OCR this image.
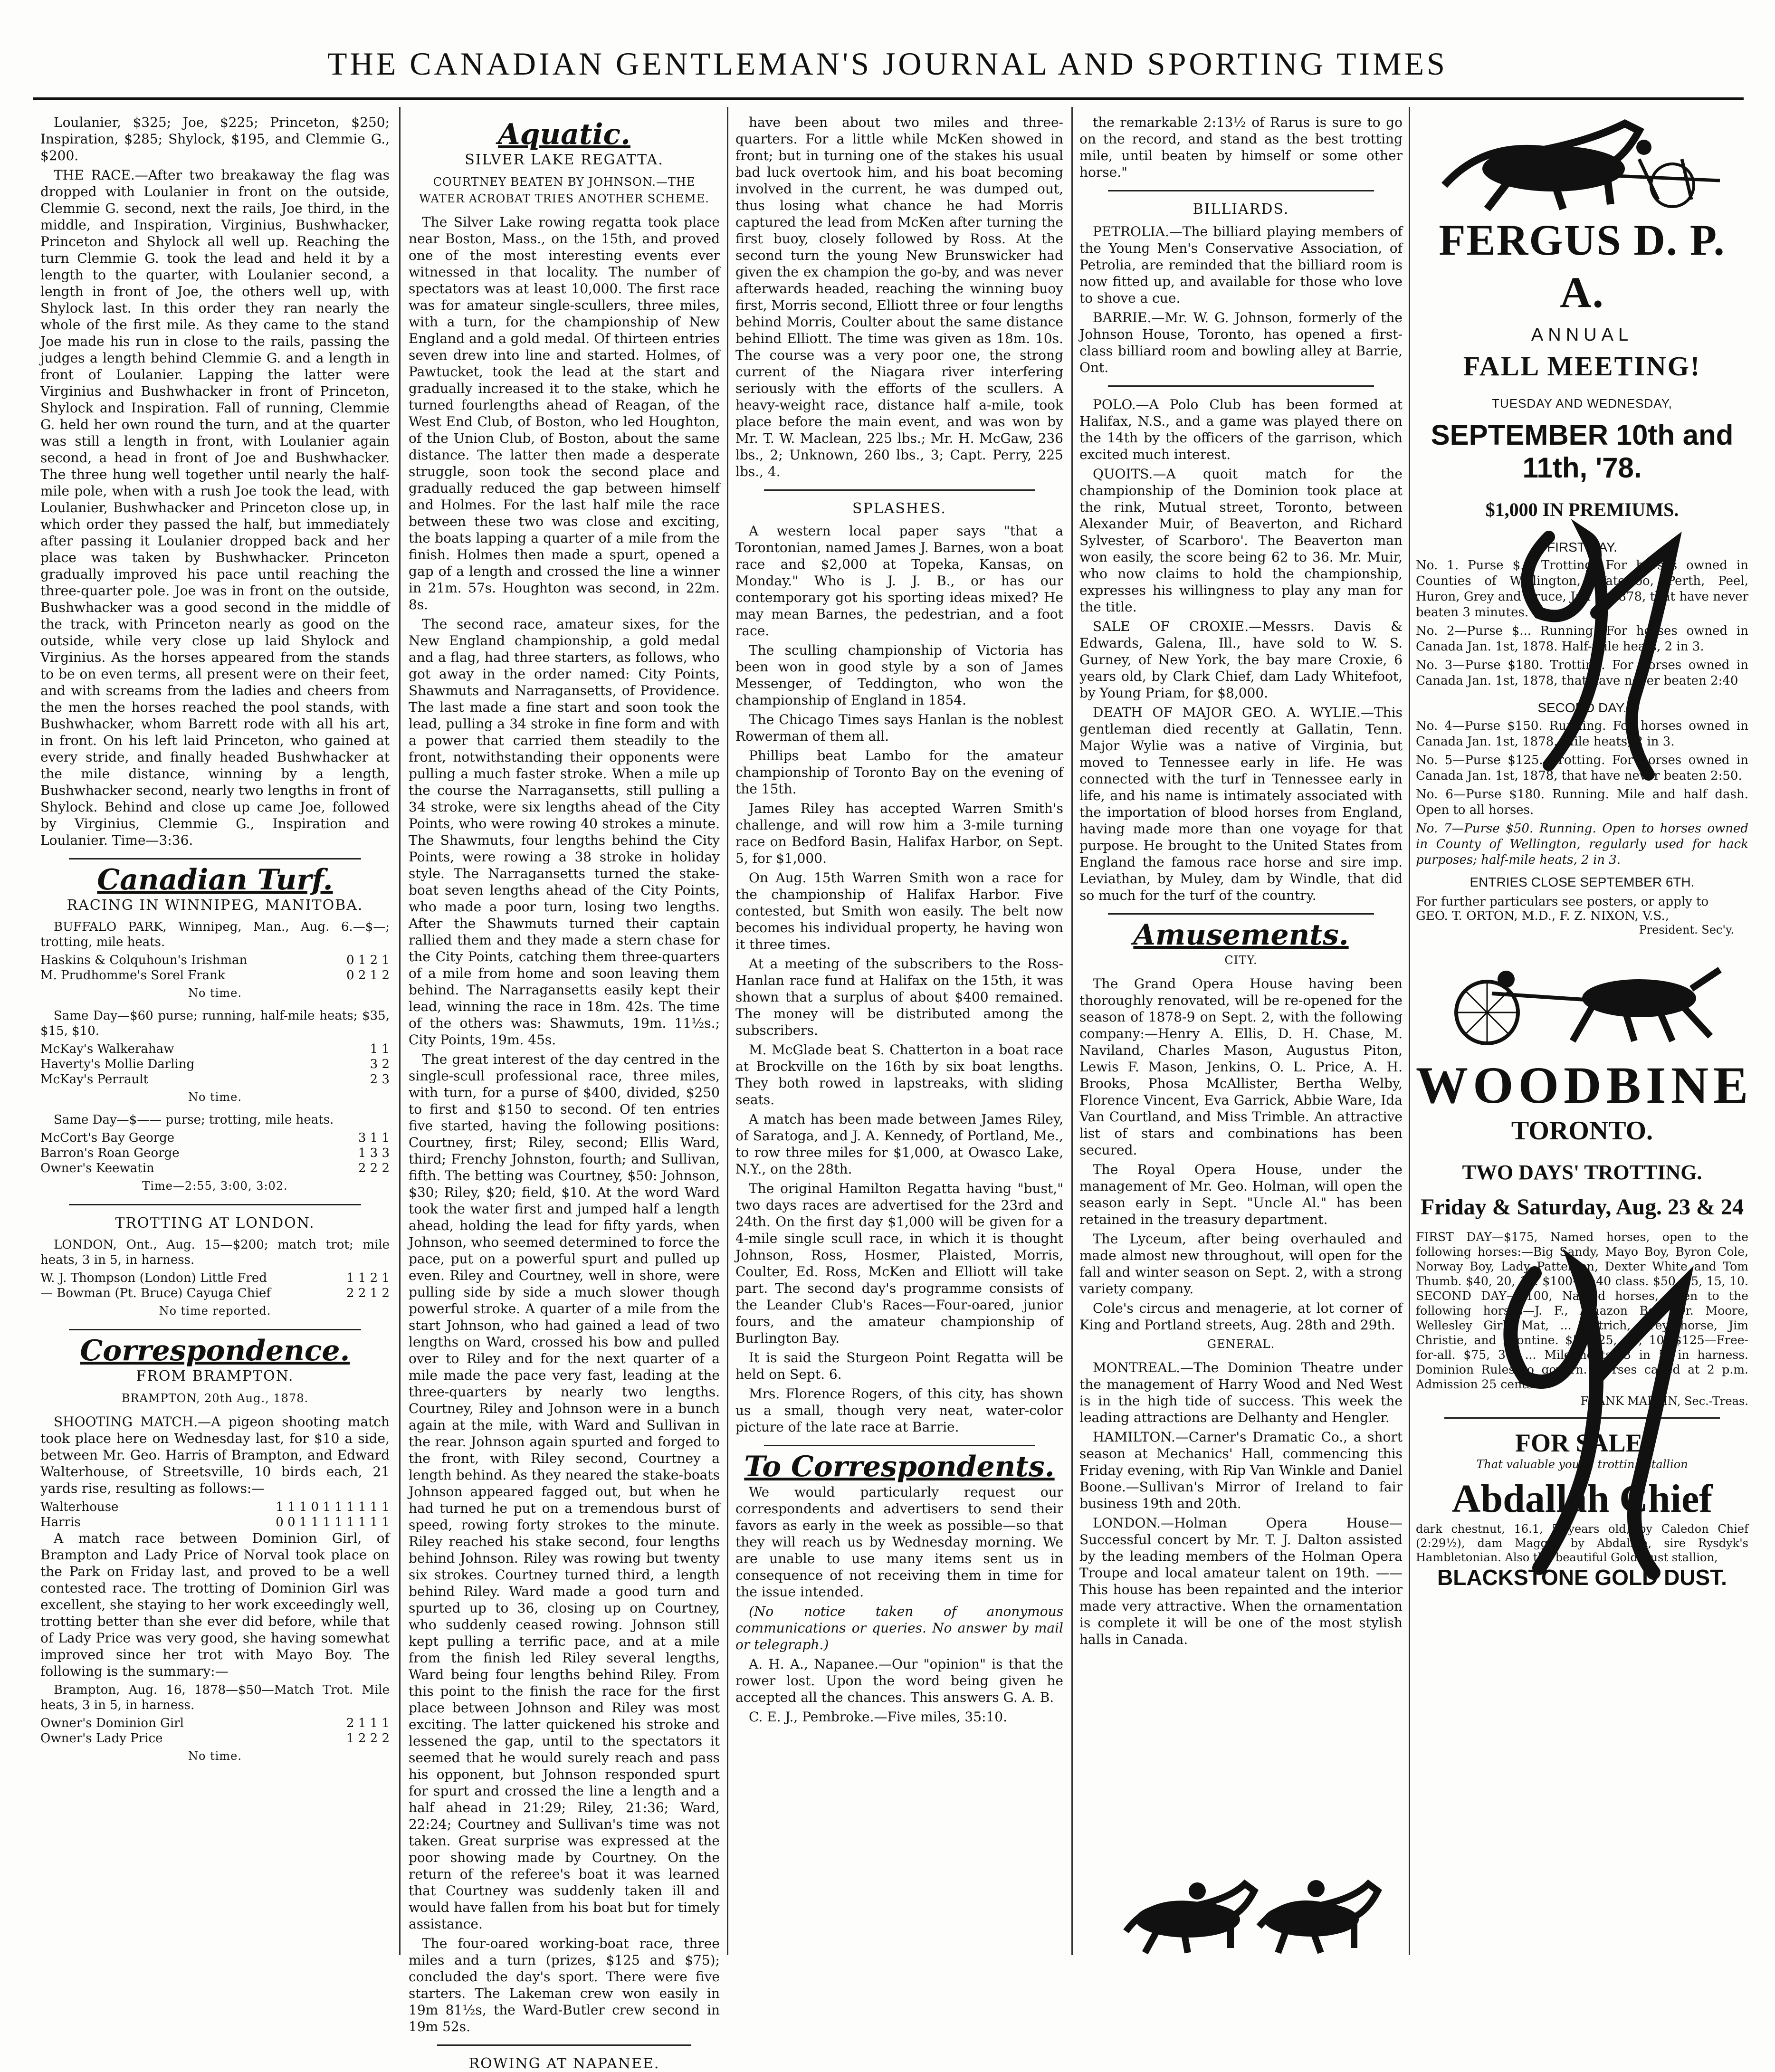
THE CANADIAN GENTLEMAN'S JOURNAL AND SPORTING TIMES

Loulanier, $325; Joe, $225; Princeton, $250; Inspiration, $285; Shylock, $195, and Clemmie G., $200.

THE RACE.—After two breakaway the flag was dropped with Loulanier in front on the outside, Clemmie G. second, next the rails, Joe third, in the middle, and Inspiration, Virginius, Bushwhacker, Princeton and Shylock all well up. Reaching the turn Clemmie G. took the lead and held it by a length to the quarter, with Loulanier second, a length in front of Joe, the others well up, with Shylock last. In this order they ran nearly the whole of the first mile. As they came to the stand Joe made his run in close to the rails, passing the judges a length behind Clemmie G. and a length in front of Loulanier. Lapping the latter were Virginius and Bushwhacker in front of Princeton, Shylock and Inspiration. Fall of running, Clemmie G. held her own round the turn, and at the quarter was still a length in front, with Loulanier again second, a head in front of Joe and Bushwhacker. The three hung well together until nearly the half-mile pole, when with a rush Joe took the lead, with Loulanier, Bushwhacker and Princeton close up, in which order they passed the half, but immediately after passing it Loulanier dropped back and her place was taken by Bushwhacker. Princeton gradually improved his pace until reaching the three-quarter pole. Joe was in front on the outside, Bushwhacker was a good second in the middle of the track, with Princeton nearly as good on the outside, while very close up laid Shylock and Virginius. As the horses appeared from the stands to be on even terms, all present were on their feet, and with screams from the ladies and cheers from the men the horses reached the pool stands, with Bushwhacker, whom Barrett rode with all his art, in front. On his left laid Princeton, who gained at every stride, and finally headed Bushwhacker at the mile distance, winning by a length, Bushwhacker second, nearly two lengths in front of Shylock. Behind and close up came Joe, followed by Virginius, Clemmie G., Inspiration and Loulanier. Time—3:36.

Canadian Turf.
RACING IN WINNIPEG, MANITOBA.

BUFFALO PARK, Winnipeg, Man., Aug. 6.—$—; trotting, mile heats.

Haskins & Colquhoun's Irishman	0 1 2 1
M. Prudhomme's Sorel Frank	0 2 1 2
No time.

Same Day—$60 purse; running, half-mile heats; $35, $15, $10.

McKay's Walkerahaw	1 1
Haverty's Mollie Darling	3 2
McKay's Perrault	2 3
No time.

Same Day—$—— purse; trotting, mile heats.

McCort's Bay George	3 1 1
Barron's Roan George	1 3 3
Owner's Keewatin	2 2 2
Time—2:55, 3:00, 3:02.
TROTTING AT LONDON.

LONDON, Ont., Aug. 15—$200; match trot; mile heats, 3 in 5, in harness.

W. J. Thompson (London) Little Fred	1 1 2 1
— Bowman (Pt. Bruce) Cayuga Chief	2 2 1 2
No time reported.
Correspondence.
FROM BRAMPTON.
BRAMPTON, 20th Aug., 1878.

SHOOTING MATCH.—A pigeon shooting match took place here on Wednesday last, for $10 a side, between Mr. Geo. Harris of Brampton, and Edward Walterhouse, of Streetsville, 10 birds each, 21 yards rise, resulting as follows:—

Walterhouse	1 1 1 0 1 1 1 1 1 1
Harris	0 0 1 1 1 1 1 1 1 1

A match race between Dominion Girl, of Brampton and Lady Price of Norval took place on the Park on Friday last, and proved to be a well contested race. The trotting of Dominion Girl was excellent, she staying to her work exceedingly well, trotting better than she ever did before, while that of Lady Price was very good, she having somewhat improved since her trot with Mayo Boy. The following is the summary:—

Brampton, Aug. 16, 1878—$50—Match Trot. Mile heats, 3 in 5, in harness.

Owner's Dominion Girl	2 1 1 1
Owner's Lady Price	1 2 2 2
No time.
Aquatic.
SILVER LAKE REGATTA.
COURTNEY BEATEN BY JOHNSON.—THE WATER ACROBAT TRIES ANOTHER SCHEME.

The Silver Lake rowing regatta took place near Boston, Mass., on the 15th, and proved one of the most interesting events ever witnessed in that locality. The number of spectators was at least 10,000. The first race was for amateur single-scullers, three miles, with a turn, for the championship of New England and a gold medal. Of thirteen entries seven drew into line and started. Holmes, of Pawtucket, took the lead at the start and gradually increased it to the stake, which he turned fourlengths ahead of Reagan, of the West End Club, of Boston, who led Houghton, of the Union Club, of Boston, about the same distance. The latter then made a desperate struggle, soon took the second place and gradually reduced the gap between himself and Holmes. For the last half mile the race between these two was close and exciting, the boats lapping a quarter of a mile from the finish. Holmes then made a spurt, opened a gap of a length and crossed the line a winner in 21m. 57s. Houghton was second, in 22m. 8s.

The second race, amateur sixes, for the New England championship, a gold medal and a flag, had three starters, as follows, who got away in the order named: City Points, Shawmuts and Narragansetts, of Providence. The last made a fine start and soon took the lead, pulling a 34 stroke in fine form and with a power that carried them steadily to the front, notwithstanding their opponents were pulling a much faster stroke. When a mile up the course the Narragansetts, still pulling a 34 stroke, were six lengths ahead of the City Points, who were rowing 40 strokes a minute. The Shawmuts, four lengths behind the City Points, were rowing a 38 stroke in holiday style. The Narragansetts turned the stake-boat seven lengths ahead of the City Points, who made a poor turn, losing two lengths. After the Shawmuts turned their captain rallied them and they made a stern chase for the City Points, catching them three-quarters of a mile from home and soon leaving them behind. The Narragansetts easily kept their lead, winning the race in 18m. 42s. The time of the others was: Shawmuts, 19m. 11½s.; City Points, 19m. 45s.

The great interest of the day centred in the single-scull professional race, three miles, with turn, for a purse of $400, divided, $250 to first and $150 to second. Of ten entries five started, having the following positions: Courtney, first; Riley, second; Ellis Ward, third; Frenchy Johnston, fourth; and Sullivan, fifth. The betting was Courtney, $50: Johnson, $30; Riley, $20; field, $10. At the word Ward took the water first and jumped half a length ahead, holding the lead for fifty yards, when Johnson, who seemed determined to force the pace, put on a powerful spurt and pulled up even. Riley and Courtney, well in shore, were pulling side by side a much slower though powerful stroke. A quarter of a mile from the start Johnson, who had gained a lead of two lengths on Ward, crossed his bow and pulled over to Riley and for the next quarter of a mile made the pace very fast, leading at the three-quarters by nearly two lengths. Courtney, Riley and Johnson were in a bunch again at the mile, with Ward and Sullivan in the rear. Johnson again spurted and forged to the front, with Riley second, Courtney a length behind. As they neared the stake-boats Johnson appeared fagged out, but when he had turned he put on a tremendous burst of speed, rowing forty strokes to the minute. Riley reached his stake second, four lengths behind Johnson. Riley was rowing but twenty six strokes. Courtney turned third, a length behind Riley. Ward made a good turn and spurted up to 36, closing up on Courtney, who suddenly ceased rowing. Johnson still kept pulling a terrific pace, and at a mile from the finish led Riley several lengths, Ward being four lengths behind Riley. From this point to the finish the race for the first place between Johnson and Riley was most exciting. The latter quickened his stroke and lessened the gap, until to the spectators it seemed that he would surely reach and pass his opponent, but Johnson responded spurt for spurt and crossed the line a length and a half ahead in 21:29; Riley, 21:36; Ward, 22:24; Courtney and Sullivan's time was not taken. Great surprise was expressed at the poor showing made by Courtney. On the return of the referee's boat it was learned that Courtney was suddenly taken ill and would have fallen from his boat but for timely assistance.

The four-oared working-boat race, three miles and a turn (prizes, $125 and $75); concluded the day's sport. There were five starters. The Lakeman crew won easily in 19m 81½s, the Ward-Butler crew second in 19m 52s.

ROWING AT NAPANEE.

have been about two miles and three-quarters. For a little while McKen showed in front; but in turning one of the stakes his usual bad luck overtook him, and his boat becoming involved in the current, he was dumped out, thus losing what chance he had Morris captured the lead from McKen after turning the first buoy, closely followed by Ross. At the second turn the young New Brunswicker had given the ex champion the go-by, and was never afterwards headed, reaching the winning buoy first, Morris second, Elliott three or four lengths behind Morris, Coulter about the same distance behind Elliott. The time was given as 18m. 10s. The course was a very poor one, the strong current of the Niagara river interfering seriously with the efforts of the scullers. A heavy-weight race, distance half a-mile, took place before the main event, and was won by Mr. T. W. Maclean, 225 lbs.; Mr. H. McGaw, 236 lbs., 2; Unknown, 260 lbs., 3; Capt. Perry, 225 lbs., 4.

SPLASHES.

A western local paper says "that a Torontonian, named James J. Barnes, won a boat race and $2,000 at Topeka, Kansas, on Monday." Who is J. J. B., or has our contemporary got his sporting ideas mixed? He may mean Barnes, the pedestrian, and a foot race.

The sculling championship of Victoria has been won in good style by a son of James Messenger, of Teddington, who won the championship of England in 1854.

The Chicago Times says Hanlan is the noblest Rowerman of them all.

Phillips beat Lambo for the amateur championship of Toronto Bay on the evening of the 15th.

James Riley has accepted Warren Smith's challenge, and will row him a 3-mile turning race on Bedford Basin, Halifax Harbor, on Sept. 5, for $1,000.

On Aug. 15th Warren Smith won a race for the championship of Halifax Harbor. Five contested, but Smith won easily. The belt now becomes his individual property, he having won it three times.

At a meeting of the subscribers to the Ross-Hanlan race fund at Halifax on the 15th, it was shown that a surplus of about $400 remained. The money will be distributed among the subscribers.

M. McGlade beat S. Chatterton in a boat race at Brockville on the 16th by six boat lengths. They both rowed in lapstreaks, with sliding seats.

A match has been made between James Riley, of Saratoga, and J. A. Kennedy, of Portland, Me., to row three miles for $1,000, at Owasco Lake, N.Y., on the 28th.

The original Hamilton Regatta having "bust," two days races are advertised for the 23rd and 24th. On the first day $1,000 will be given for a 4-mile single scull race, in which it is thought Johnson, Ross, Hosmer, Plaisted, Morris, Coulter, Ed. Ross, McKen and Elliott will take part. The second day's programme consists of the Leander Club's Races—Four-oared, junior fours, and the amateur championship of Burlington Bay.

It is said the Sturgeon Point Regatta will be held on Sept. 6.

Mrs. Florence Rogers, of this city, has shown us a small, though very neat, water-color picture of the late race at Barrie.

To Correspondents.

We would particularly request our correspondents and advertisers to send their favors as early in the week as possible—so that they will reach us by Wednesday morning. We are unable to use many items sent us in consequence of not receiving them in time for the issue intended.

(No notice taken of anonymous communications or queries. No answer by mail or telegraph.)

A. H. A., Napanee.—Our "opinion" is that the rower lost. Upon the word being given he accepted all the chances. This answers G. A. B.

C. E. J., Pembroke.—Five miles, 35:10.

the remarkable 2:13½ of Rarus is sure to go on the record, and stand as the best trotting mile, until beaten by himself or some other horse."

BILLIARDS.

PETROLIA.—The billiard playing members of the Young Men's Conservative Association, of Petrolia, are reminded that the billiard room is now fitted up, and available for those who love to shove a cue.

BARRIE.—Mr. W. G. Johnson, formerly of the Johnson House, Toronto, has opened a first-class billiard room and bowling alley at Barrie, Ont.

POLO.—A Polo Club has been formed at Halifax, N.S., and a game was played there on the 14th by the officers of the garrison, which excited much interest.

QUOITS.—A quoit match for the championship of the Dominion took place at the rink, Mutual street, Toronto, between Alexander Muir, of Beaverton, and Richard Sylvester, of Scarboro'. The Beaverton man won easily, the score being 62 to 36. Mr. Muir, who now claims to hold the championship, expresses his willingness to play any man for the title.

SALE OF CROXIE.—Messrs. Davis & Edwards, Galena, Ill., have sold to W. S. Gurney, of New York, the bay mare Croxie, 6 years old, by Clark Chief, dam Lady Whitefoot, by Young Priam, for $8,000.

DEATH OF MAJOR GEO. A. WYLIE.—This gentleman died recently at Gallatin, Tenn. Major Wylie was a native of Virginia, but moved to Tennessee early in life. He was connected with the turf in Tennessee early in life, and his name is intimately associated with the importation of blood horses from England, having made more than one voyage for that purpose. He brought to the United States from England the famous race horse and sire imp. Leviathan, by Muley, dam by Windle, that did so much for the turf of the country.

Amusements.
CITY.

The Grand Opera House having been thoroughly renovated, will be re-opened for the season of 1878-9 on Sept. 2, with the following company:—Henry A. Ellis, D. H. Chase, M. Naviland, Charles Mason, Augustus Piton, Lewis F. Mason, Jenkins, O. L. Price, A. H. Brooks, Phosa McAllister, Bertha Welby, Florence Vincent, Eva Garrick, Abbie Ware, Ida Van Courtland, and Miss Trimble. An attractive list of stars and combinations has been secured.

The Royal Opera House, under the management of Mr. Geo. Holman, will open the season early in Sept. "Uncle Al." has been retained in the treasury department.

The Lyceum, after being overhauled and made almost new throughout, will open for the fall and winter season on Sept. 2, with a strong variety company.

Cole's circus and menagerie, at lot corner of King and Portland streets, Aug. 28th and 29th.

GENERAL.

MONTREAL.—The Dominion Theatre under the management of Harry Wood and Ned West is in the high tide of success. This week the leading attractions are Delhanty and Hengler.

HAMILTON.—Carner's Dramatic Co., a short season at Mechanics' Hall, commencing this Friday evening, with Rip Van Winkle and Daniel Boone.—Sullivan's Mirror of Ireland to fair business 19th and 20th.

LONDON.—Holman Opera House—Successful concert by Mr. T. J. Dalton assisted by the leading members of the Holman Opera Troupe and local amateur talent on 19th. ——This house has been repainted and the interior made very attractive. When the ornamentation is complete it will be one of the most stylish halls in Canada.

FERGUS D. P. A.
ANNUAL
FALL MEETING!
TUESDAY AND WEDNESDAY,
SEPTEMBER 10th and 11th, '78.
$1,000 IN PREMIUMS.
FIRST DAY.

No. 1. Purse $... Trotting. For horses owned in Counties of Wellington, Waterloo, Perth, Peel, Huron, Grey and Bruce, Jan 1, 1878, that have never beaten 3 minutes.

No. 2—Purse $... Running. For horses owned in Canada Jan. 1st, 1878. Half-mile heats, 2 in 3.

No. 3—Purse $180. Trotting. For horses owned in Canada Jan. 1st, 1878, that have never beaten 2:40

SECOND DAY.

No. 4—Purse $150. Running. For horses owned in Canada Jan. 1st, 1878. Mile heats, 2 in 3.

No. 5—Purse $125. Trotting. For horses owned in Canada Jan. 1st, 1878, that have never beaten 2:50.

No. 6—Purse $180. Running. Mile and half dash. Open to all horses.

No. 7—Purse $50. Running. Open to horses owned in County of Wellington, regularly used for hack purposes; half-mile heats, 2 in 3.

ENTRIES CLOSE SEPTEMBER 6TH.
For further particulars see posters, or apply to
GEO. T. ORTON, M.D., F. Z. NIXON, V.S.,
President. Sec'y.
WOODBINE
TORONTO.
TWO DAYS' TROTTING.
Friday & Saturday, Aug. 23 & 24
FIRST DAY—$175, Named horses, open to the following horses:—Big Sandy, Mayo Boy, Byron Cole, Norway Boy, Lady Patterson, Dexter White and Tom Thumb. $40, 20, 15. $100—2:40 class. $50, 25, 15, 10. SECOND DAY—$100, Named horses, open to the following horses—J. F., Amazon Boy, Dr. Moore, Wellesley Girl, Mat, ... Ostrich, grey horse, Jim Christie, and Frontine. $50, 25, 15, 10. $125—Free-for-all. $75, 30, ... Mile heats, 3 in 5, in harness. Dominion Rules to govern. Horses called at 2 p.m. Admission 25 cents.
FRANK MARTIN, Sec.-Treas.
FOR SALE.
That valuable young trotting stallion
Abdallah Chief
dark chestnut, 16.1, 5 years old, by Caledon Chief (2:29½), dam Maggie by Abdallah, sire Rysdyk's Hambletonian. Also the beautiful Gold Dust stallion,
BLACKSTONE GOLD DUST.
